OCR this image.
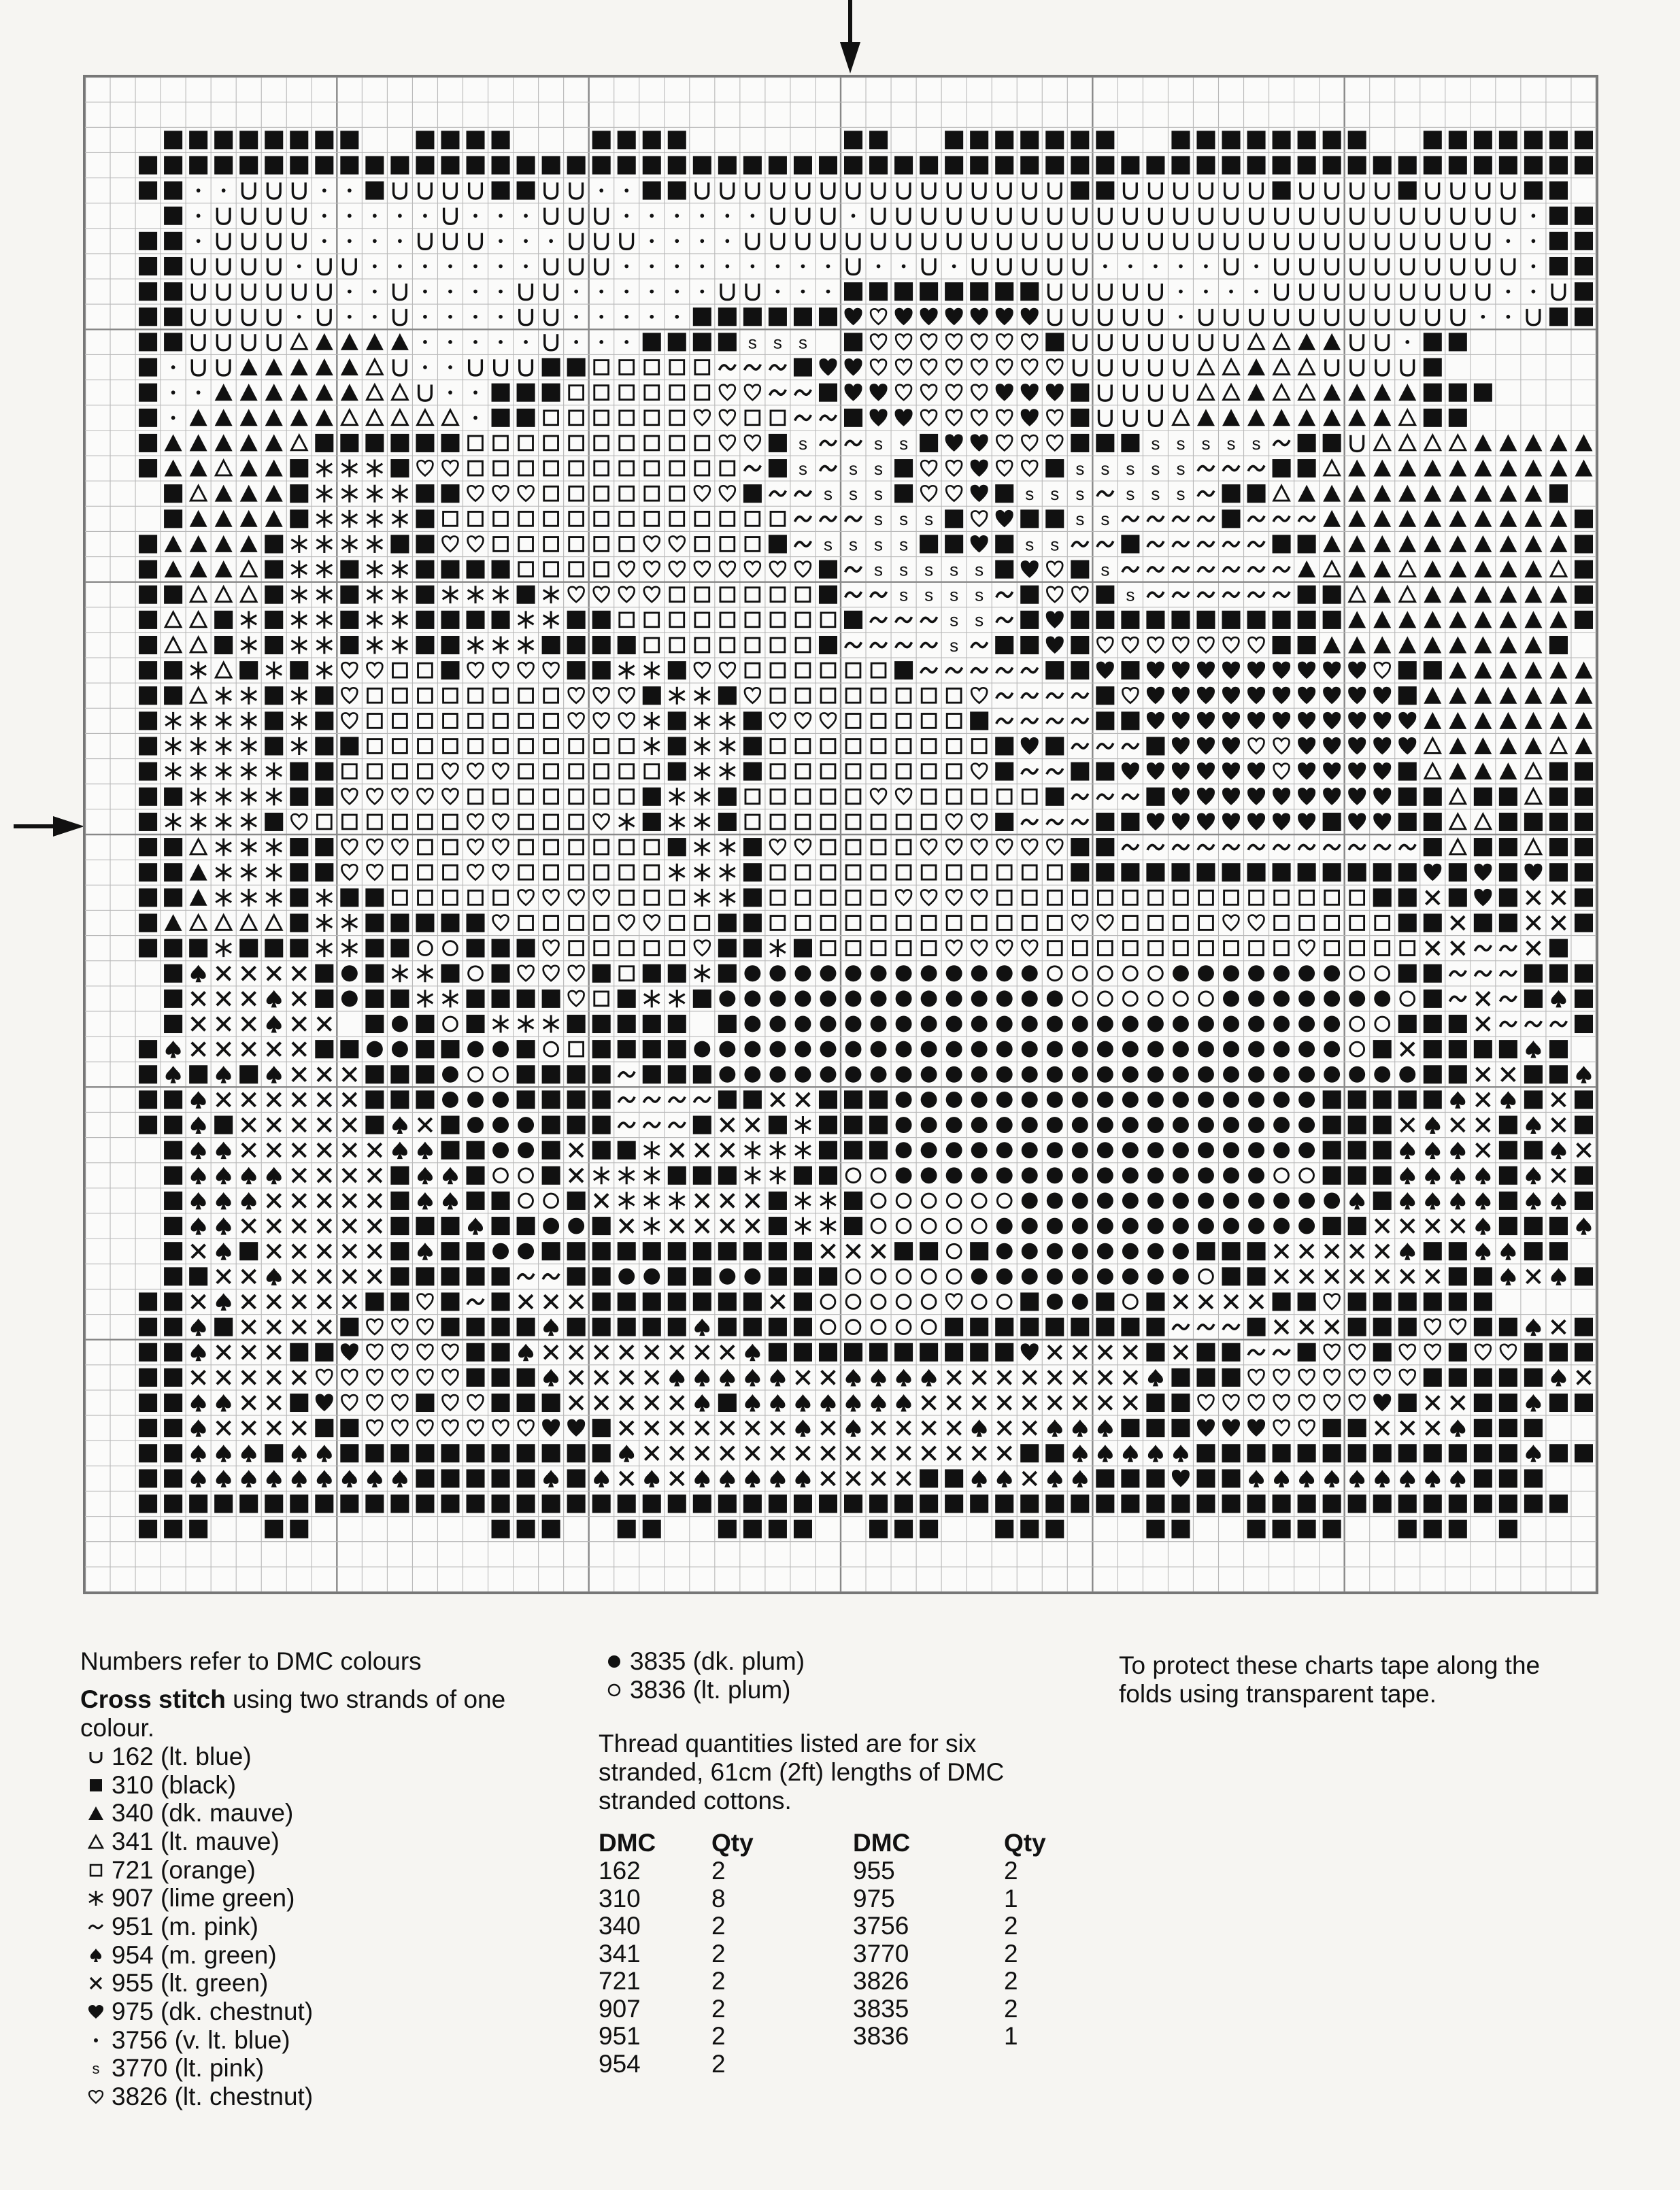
s s s
s	s s	s s s s s
s	s s	s s s s s
s s s	s s s	s s s
s s s	s s
s s s s	s s
s s s s s	s
s s s s	s
s s
s
Numbers refer to DMC colours
Cross stitch using two strands of one colour.
162 (lt. blue)
310 (black)
340 (dk. mauve)
341 (lt. mauve)
721 (orange)
907 (lime green)
951 (m. pink)
954 (m. green)
955 (lt. green)
975 (dk. chestnut)
3756 (v. lt. blue)
s 3770 (lt. pink)
3826 (lt. chestnut)
3835 (dk. plum)
3836 (lt. plum)
Thread quantities listed are for six stranded, 61cm (2ft) lengths of DMC stranded cottons.
DMC	Qty	DMC	Qty
162	2	955	2
310	8	975	1
340	2	3756	2
341	2	3770	2
721	2	3826	2
907	2	3835	2
951	2	3836	1
954	2		
To protect these charts tape along the folds using transparent tape.
